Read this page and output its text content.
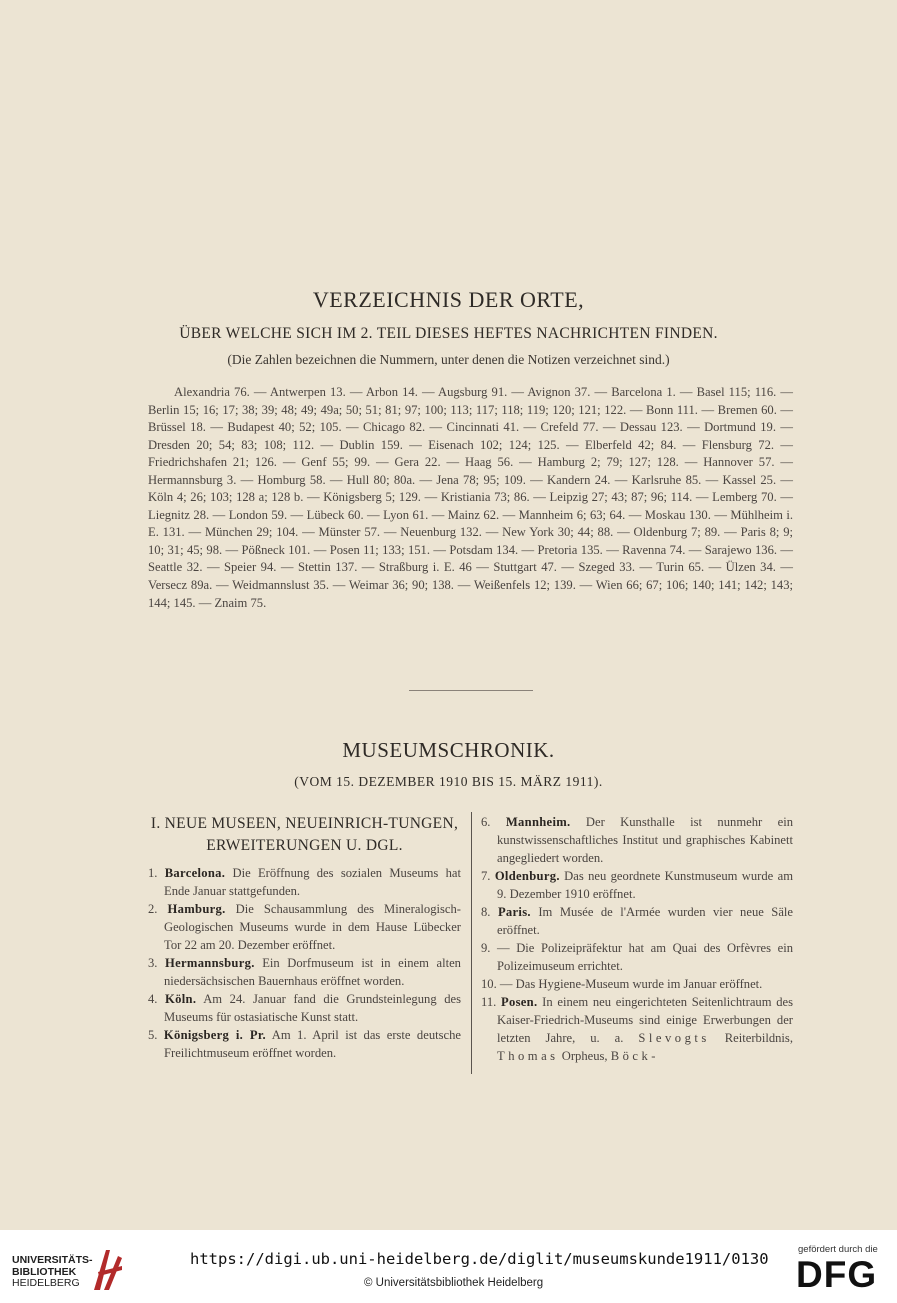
VERZEICHNIS DER ORTE,
ÜBER WELCHE SICH IM 2. TEIL DIESES HEFTES NACHRICHTEN FINDEN.
(Die Zahlen bezeichnen die Nummern, unter denen die Notizen verzeichnet sind.)
Alexandria 76. — Antwerpen 13. — Arbon 14. — Augsburg 91. — Avignon 37. — Barcelona 1. — Basel 115; 116. — Berlin 15; 16; 17; 38; 39; 48; 49; 49a; 50; 51; 81; 97; 100; 113; 117; 118; 119; 120; 121; 122. — Bonn 111. — Bremen 60. — Brüssel 18. — Budapest 40; 52; 105. — Chicago 82. — Cincinnati 41. — Crefeld 77. — Dessau 123. — Dortmund 19. — Dresden 20; 54; 83; 108; 112. — Dublin 159. — Eisenach 102; 124; 125. — Elberfeld 42; 84. — Flensburg 72. — Friedrichshafen 21; 126. — Genf 55; 99. — Gera 22. — Haag 56. — Hamburg 2; 79; 127; 128. — Hannover 57. — Hermannsburg 3. — Homburg 58. — Hull 80; 80a. — Jena 78; 95; 109. — Kandern 24. — Karlsruhe 85. — Kassel 25. — Köln 4; 26; 103; 128 a; 128 b. — Königsberg 5; 129. — Kristiania 73; 86. — Leipzig 27; 43; 87; 96; 114. — Lemberg 70. — Liegnitz 28. — London 59. — Lübeck 60. — Lyon 61. — Mainz 62. — Mannheim 6; 63; 64. — Moskau 130. — Mühlheim i. E. 131. — München 29; 104. — Münster 57. — Neuenburg 132. — New York 30; 44; 88. — Oldenburg 7; 89. — Paris 8; 9; 10; 31; 45; 98. — Pößneck 101. — Posen 11; 133; 151. — Potsdam 134. — Pretoria 135. — Ravenna 74. — Sarajewo 136. — Seattle 32. — Speier 94. — Stettin 137. — Straßburg i. E. 46 — Stuttgart 47. — Szeged 33. — Turin 65. — Ülzen 34. — Versecz 89a. — Weidmannslust 35. — Weimar 36; 90; 138. — Weißenfels 12; 139. — Wien 66; 67; 106; 140; 141; 142; 143; 144; 145. — Znaim 75.
MUSEUMSCHRONIK.
(VOM 15. DEZEMBER 1910 BIS 15. MÄRZ 1911).
I. NEUE MUSEEN, NEUEINRICH-TUNGEN, ERWEITERUNGEN U. DGL.

1. Barcelona. Die Eröffnung des sozialen Museums hat Ende Januar stattgefunden.

2. Hamburg. Die Schausammlung des Mineralogisch-Geologischen Museums wurde in dem Hause Lübecker Tor 22 am 20. Dezember eröffnet.

3. Hermannsburg. Ein Dorfmuseum ist in einem alten niedersächsischen Bauernhaus eröffnet worden.

4. Köln. Am 24. Januar fand die Grundsteinlegung des Museums für ostasiatische Kunst statt.

5. Königsberg i. Pr. Am 1. April ist das erste deutsche Freilichtmuseum eröffnet worden.

6. Mannheim. Der Kunsthalle ist nunmehr ein kunstwissenschaftliches Institut und graphisches Kabinett angegliedert worden.

7. Oldenburg. Das neu geordnete Kunstmuseum wurde am 9. Dezember 1910 eröffnet.

8. Paris. Im Musée de l'Armée wurden vier neue Säle eröffnet.

9. — Die Polizeipräfektur hat am Quai des Orfèvres ein Polizeimuseum errichtet.

10. — Das Hygiene-Museum wurde im Januar eröffnet.

11. Posen. In einem neu eingerichteten Seitenlichtraum des Kaiser-Friedrich-Museums sind einige Erwerbungen der letzten Jahre, u. a. Slevogts Reiterbildnis, Thomas Orpheus, Böck-

UNIVERSITÄTS-
BIBLIOTHEK
HEIDELBERG
https://digi.ub.uni-heidelberg.de/diglit/museumskunde1911/0130
© Universitätsbibliothek Heidelberg
gefördert durch die
DFG
